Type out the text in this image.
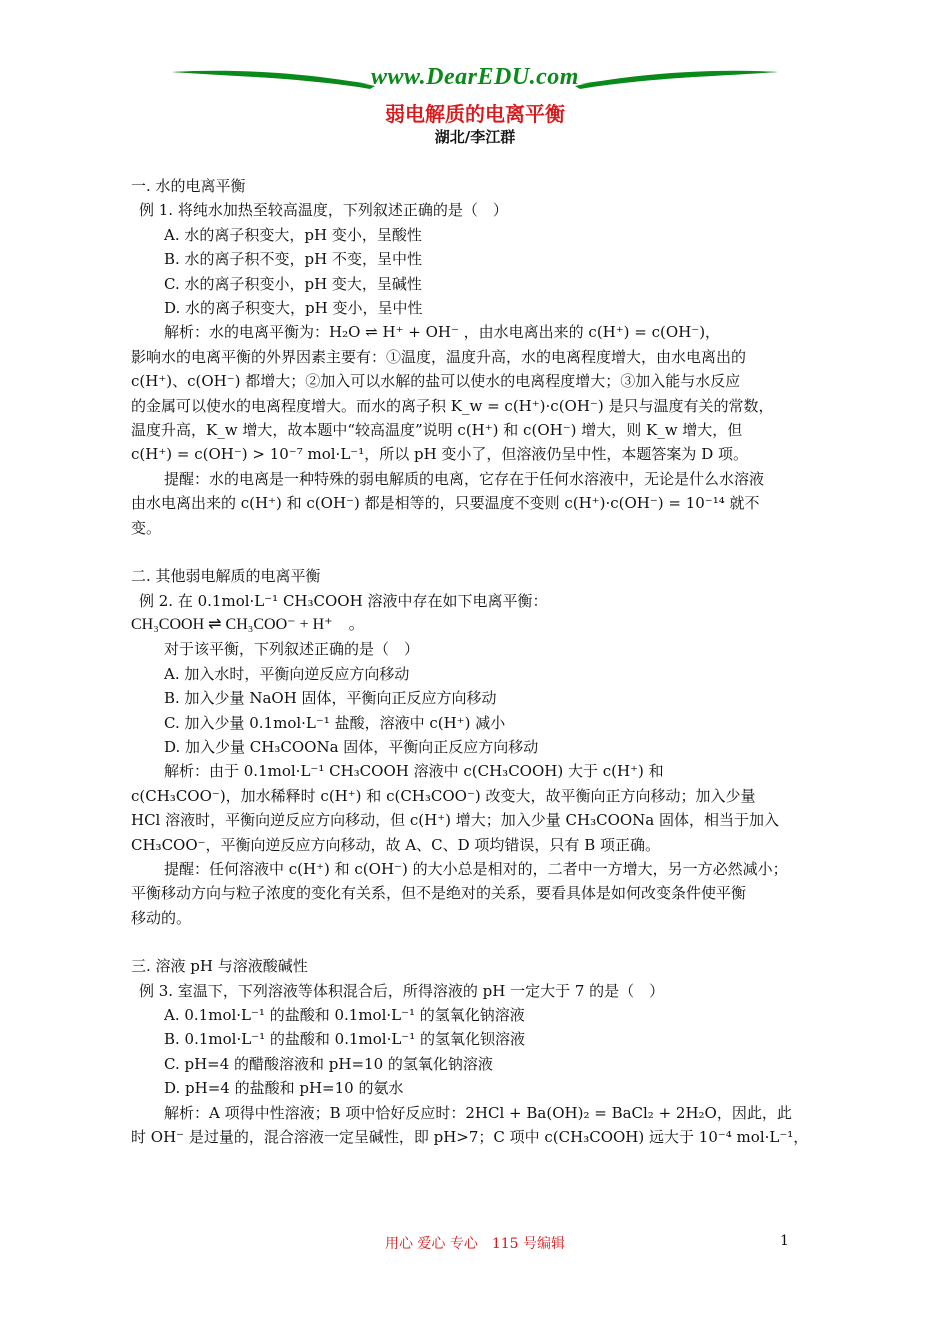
www.DearEDU.com
弱电解质的电离平衡
湖北/李江群
一. 水的电离平衡
例 1. 将纯水加热至较高温度，下列叙述正确的是（　）
A. 水的离子积变大，pH 变小，呈酸性
B. 水的离子积不变，pH 不变，呈中性
C. 水的离子积变小，pH 变大，呈碱性
D. 水的离子积变大，pH 变小，呈中性
解析：水的电离平衡为：H₂O ⇌ H⁺ + OH⁻ ，由水电离出来的 c(H⁺) = c(OH⁻)，
影响水的电离平衡的外界因素主要有：①温度，温度升高，水的电离程度增大，由水电离出的
c(H⁺)、c(OH⁻) 都增大；②加入可以水解的盐可以使水的电离程度增大；③加入能与水反应
的金属可以使水的电离程度增大。而水的离子积 K_w = c(H⁺)·c(OH⁻) 是只与温度有关的常数，
温度升高，K_w 增大，故本题中“较高温度”说明 c(H⁺) 和 c(OH⁻) 增大，则 K_w 增大，但
c(H⁺) = c(OH⁻) > 10⁻⁷ mol·L⁻¹，所以 pH 变小了，但溶液仍呈中性，本题答案为 D 项。
提醒：水的电离是一种特殊的弱电解质的电离，它存在于任何水溶液中，无论是什么水溶液
由水电离出来的 c(H⁺) 和 c(OH⁻) 都是相等的，只要温度不变则 c(H⁺)·c(OH⁻) = 10⁻¹⁴ 就不
变。
二. 其他弱电解质的电离平衡
例 2. 在 0.1mol·L⁻¹ CH₃COOH 溶液中存在如下电离平衡：
CH₃COOH ⇌ CH₃COO⁻ + H⁺　。
对于该平衡，下列叙述正确的是（　）
A. 加入水时，平衡向逆反应方向移动
B. 加入少量 NaOH 固体，平衡向正反应方向移动
C. 加入少量 0.1mol·L⁻¹ 盐酸，溶液中 c(H⁺) 减小
D. 加入少量 CH₃COONa 固体，平衡向正反应方向移动
解析：由于 0.1mol·L⁻¹ CH₃COOH 溶液中 c(CH₃COOH) 大于 c(H⁺) 和
c(CH₃COO⁻)，加水稀释时 c(H⁺) 和 c(CH₃COO⁻) 改变大，故平衡向正方向移动；加入少量
HCl 溶液时，平衡向逆反应方向移动，但 c(H⁺) 增大；加入少量 CH₃COONa 固体，相当于加入
CH₃COO⁻，平衡向逆反应方向移动，故 A、C、D 项均错误，只有 B 项正确。
提醒：任何溶液中 c(H⁺) 和 c(OH⁻) 的大小总是相对的，二者中一方增大，另一方必然减小；
平衡移动方向与粒子浓度的变化有关系，但不是绝对的关系，要看具体是如何改变条件使平衡
移动的。
三. 溶液 pH 与溶液酸碱性
例 3. 室温下，下列溶液等体积混合后，所得溶液的 pH 一定大于 7 的是（　）
A. 0.1mol·L⁻¹ 的盐酸和 0.1mol·L⁻¹ 的氢氧化钠溶液
B. 0.1mol·L⁻¹ 的盐酸和 0.1mol·L⁻¹ 的氢氧化钡溶液
C. pH=4 的醋酸溶液和 pH=10 的氢氧化钠溶液
D. pH=4 的盐酸和 pH=10 的氨水
解析：A 项得中性溶液；B 项中恰好反应时：2HCl + Ba(OH)₂ = BaCl₂ + 2H₂O，因此，此
时 OH⁻ 是过量的，混合溶液一定呈碱性，即 pH>7；C 项中 c(CH₃COOH) 远大于 10⁻⁴ mol·L⁻¹，
用心 爱心 专心　115 号编辑	1
